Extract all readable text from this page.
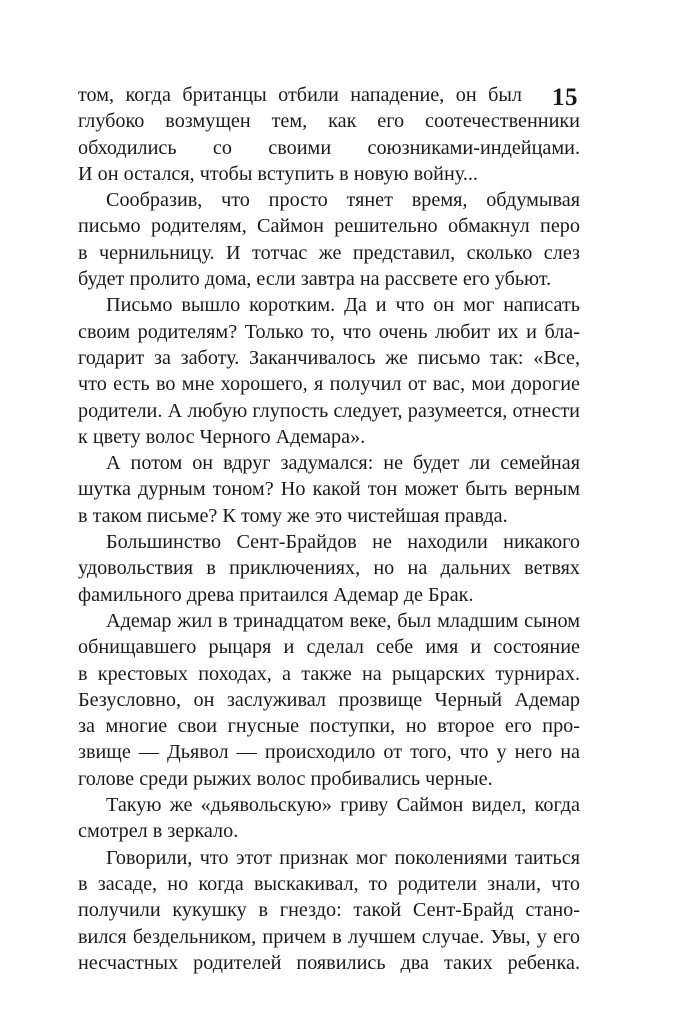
15
том, когда британцы отбили нападение, он был
глубоко возмущен тем, как его соотечественники
обходились со своими союзниками-индейцами.
И он остался, чтобы вступить в новую войну...
Сообразив, что просто тянет время, обдумывая
письмо родителям, Саймон решительно обмакнул перо
в чернильницу. И тотчас же представил, сколько слез
будет пролито дома, если завтра на рассвете его убьют.
Письмо вышло коротким. Да и что он мог написать
своим родителям? Только то, что очень любит их и бла-
годарит за заботу. Заканчивалось же письмо так: «Все,
что есть во мне хорошего, я получил от вас, мои дорогие
родители. А любую глупость следует, разумеется, отнести
к цвету волос Черного Адемара».
А потом он вдруг задумался: не будет ли семейная
шутка дурным тоном? Но какой тон может быть верным
в таком письме? К тому же это чистейшая правда.
Большинство Сент-Брайдов не находили никакого
удовольствия в приключениях, но на дальних ветвях
фамильного древа притаился Адемар де Брак.
Адемар жил в тринадцатом веке, был младшим сыном
обнищавшего рыцаря и сделал себе имя и состояние
в крестовых походах, а также на рыцарских турнирах.
Безусловно, он заслуживал прозвище Черный Адемар
за многие свои гнусные поступки, но второе его про-
звище — Дьявол — происходило от того, что у него на
голове среди рыжих волос пробивались черные.
Такую же «дьявольскую» гриву Саймон видел, когда
смотрел в зеркало.
Говорили, что этот признак мог поколениями таиться
в засаде, но когда выскакивал, то родители знали, что
получили кукушку в гнездо: такой Сент-Брайд стано-
вился бездельником, причем в лучшем случае. Увы, у его
несчастных родителей появились два таких ребенка.
